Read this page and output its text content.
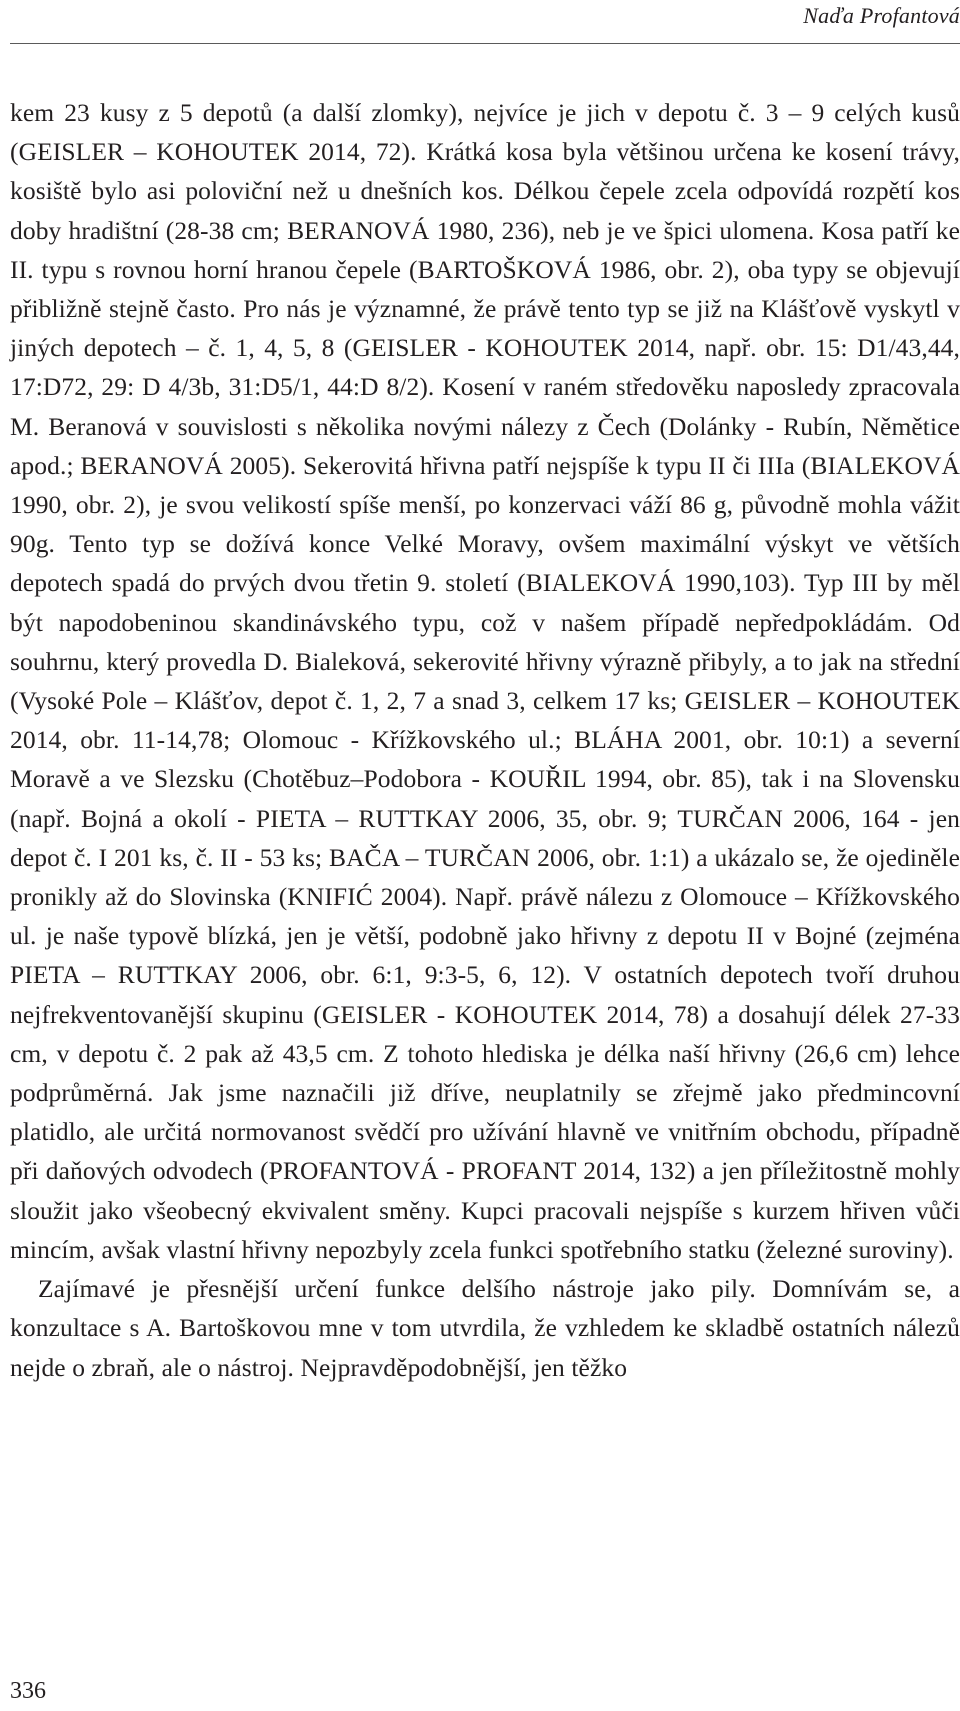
Naďa Profantová

kem 23 kusy z 5 depotů (a další zlomky), nejvíce je jich v depotu č. 3 – 9 celých kusů (GEISLER – KOHOUTEK 2014, 72). Krátká kosa byla většinou určena ke kosení trávy, kosiště bylo asi poloviční než u dnešních kos. Délkou čepele zcela odpovídá rozpětí kos doby hradištní (28-38 cm; BERANOVÁ 1980, 236), neb je ve špici ulomena. Kosa patří ke II. typu s rovnou horní hranou čepele (BARTOŠKOVÁ 1986, obr. 2), oba typy se objevují přibližně stejně často. Pro nás je významné, že právě tento typ se již na Klášťově vyskytl v jiných depotech – č. 1, 4, 5, 8 (GEISLER - KOHOUTEK 2014, např. obr. 15: D1/43,44, 17:D72, 29: D 4/3b, 31:D5/1, 44:D 8/2). Kosení v raném středověku naposledy zpracovala M. Beranová v souvislosti s několika novými nálezy z Čech (Dolánky - Rubín, Němětice apod.; BERANOVÁ 2005). Sekerovitá hřivna patří nejspíše k typu II či IIIa (BIALEKOVÁ 1990, obr. 2), je svou velikostí spíše menší, po konzervaci váží 86 g, původně mohla vážit 90g. Tento typ se dožívá konce Velké Moravy, ovšem maximální výskyt ve větších depotech spadá do prvých dvou třetin 9. století (BIALEKOVÁ 1990,103). Typ III by měl být napodobeninou skandinávského typu, což v našem případě nepředpokládám. Od souhrnu, který provedla D. Bialeková, sekerovité hřivny výrazně přibyly, a to jak na střední (Vysoké Pole – Klášťov, depot č. 1, 2, 7 a snad 3, celkem 17 ks; GEISLER – KOHOUTEK 2014, obr. 11-14,78; Olomouc - Křížkovského ul.; BLÁHA 2001, obr. 10:1) a severní Moravě a ve Slezsku (Chotěbuz–Podobora - KOUŘIL 1994, obr. 85), tak i na Slovensku (např. Bojná a okolí - PIETA – RUTTKAY 2006, 35, obr. 9; TURČAN 2006, 164 - jen depot č. I 201 ks, č. II - 53 ks; BAČA – TURČAN 2006, obr. 1:1) a ukázalo se, že ojediněle pronikly až do Slovinska (KNIFIĆ 2004). Např. právě nálezu z Olomouce – Křížkovského ul. je naše typově blízká, jen je větší, podobně jako hřivny z depotu II v Bojné (zejména PIETA – RUTTKAY 2006, obr. 6:1, 9:3-5, 6, 12). V ostatních depotech tvoří druhou nejfrekventovanější skupinu (GEISLER - KOHOUTEK 2014, 78) a dosahují délek 27-33 cm, v depotu č. 2 pak až 43,5 cm. Z tohoto hlediska je délka naší hřivny (26,6 cm) lehce podprůměrná. Jak jsme naznačili již dříve, neuplatnily se zřejmě jako předmincovní platidlo, ale určitá normovanost svědčí pro užívání hlavně ve vnitřním obchodu, případně při daňových odvodech (PROFANTOVÁ - PROFANT 2014, 132) a jen příležitostně mohly sloužit jako všeobecný ekvivalent směny. Kupci pracovali nejspíše s kurzem hřiven vůči mincím, avšak vlastní hřivny nepozbyly zcela funkci spotřebního statku (železné suroviny).

Zajímavé je přesnější určení funkce delšího nástroje jako pily. Domnívám se, a konzultace s A. Bartoškovou mne v tom utvrdila, že vzhledem ke skladbě ostatních nálezů nejde o zbraň, ale o nástroj. Nejpravděpodobnější, jen těžko

336
